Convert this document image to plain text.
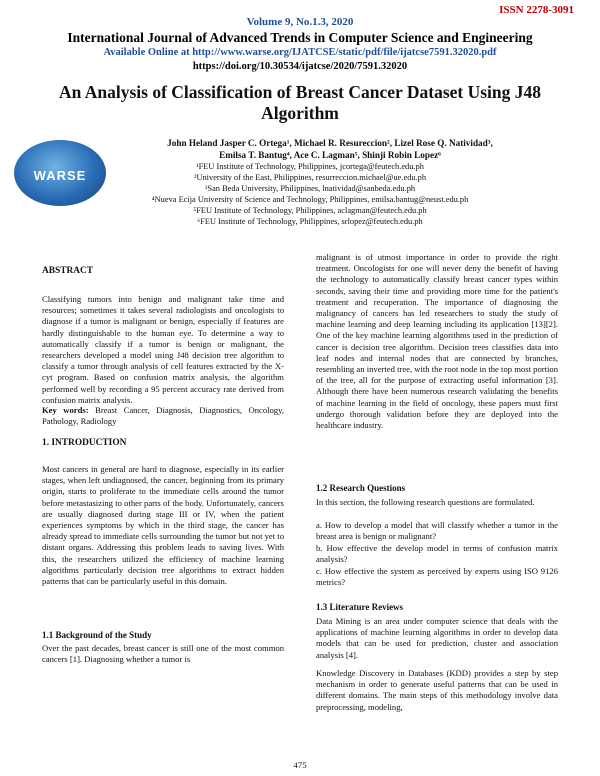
ISSN 2278-3091
Volume 9, No.1.3, 2020
International Journal of Advanced Trends in Computer Science and Engineering
Available Online at http://www.warse.org/IJATCSE/static/pdf/file/ijatcse7591.32020.pdf
https://doi.org/10.30534/ijatcse/2020/7591.32020
An Analysis of Classification of Breast Cancer Dataset Using J48 Algorithm
WARSE
John Heland Jasper C. Ortega¹, Michael R. Resureccion², Lizel Rose Q. Natividad³,
Emilsa T. Bantug⁴, Ace C. Lagman⁵, Shinji Robin Lopez⁶
¹FEU Institute of Technology, Philippines, jcortega@feutech.edu.ph
²University of the East, Philippines, resurreccion.michael@ue.edu.ph
³San Beda University, Philippines, lnatividad@sanbeda.edu.ph
⁴Nueva Ecija University of Science and Technology, Philippines, emilsa.bantug@neust.edu.ph
⁵FEU Institute of Technology, Philippines, aclagman@feutech.edu.ph
⁶FEU Institute of Technology, Philippines, srlopez@feutech.edu.ph
ABSTRACT
Classifying tumors into benign and malignant take time and resources; sometimes it takes several radiologists and oncologists to diagnose if a tumor is malignant or benign, especially if features are hardly distinguishable to the human eye. To determine a way to automatically classify if a tumor is benign or malignant, the researchers developed a model using J48 decision tree algorithm to classify a tumor through analysis of cell features extracted by the X-cyt program. Based on confusion matrix analysis, the algorithm performed well by recording a 95 percent accuracy rate derived from confusion matrix analysis.
Key words: Breast Cancer, Diagnosis, Diagnostics, Oncology, Pathology, Radiology
1. INTRODUCTION
Most cancers in general are hard to diagnose, especially in its earlier stages, when left undiagnosed, the cancer, beginning from its primary origin, starts to proliferate to the immediate cells around the tumor before metastasizing to other parts of the body. Unfortunately, cancers are usually diagnosed during stage III or IV, when the patient experiences symptoms by which in the third stage, the cancer has already spread to immediate cells surrounding the tumor but not yet to distant organs. Addressing this problem leads to saving lives. With this, the researchers utilized the efficiency of machine learning algorithms particularly decision tree algorithms to extract hidden patterns that can be particularly useful in this domain.
1.1 Background of the Study
Over the past decades, breast cancer is still one of the most common cancers [1]. Diagnosing whether a tumor is
malignant is of utmost importance in order to provide the right treatment. Oncologists for one will never deny the benefit of having the technology to automatically classify breast cancer types within seconds, saving their time and providing more time for the patient's treatment and recuperation. The importance of diagnosing the malignancy of cancers has led researchers to study the study of machine learning and deep learning including its application [13][2]. One of the key machine learning algorithms used in the prediction of cancer is decision tree algorithm. Decision trees classifies data into leaf nodes and internal nodes that are connected by branches, resembling an inverted tree, with the root node in the top most portion of the tree, all for the purpose of extracting useful information [3]. Although there have been numerous research validating the benefits of machine learning in the field of oncology, these papers must first undergo thorough validation before they are deployed into the healthcare industry.
1.2 Research Questions
In this section, the following research questions are formulated.
a. How to develop a model that will classify whether a tumor in the breast area is benign or malignant?
b. How effective the develop model in terms of confusion matrix analysis?
c. How effective the system as perceived by experts using ISO 9126 metrics?
1.3 Literature Reviews
Data Mining is an area under computer science that deals with the applications of machine learning algorithms in order to develop data models that can be used for prediction, cluster and association analysis [4].
Knowledge Discovery in Databases (KDD) provides a step by step mechanism in order to generate useful patterns that can be used in different domains. The main steps of this methodology involve data preprocessing, modeling,
475
